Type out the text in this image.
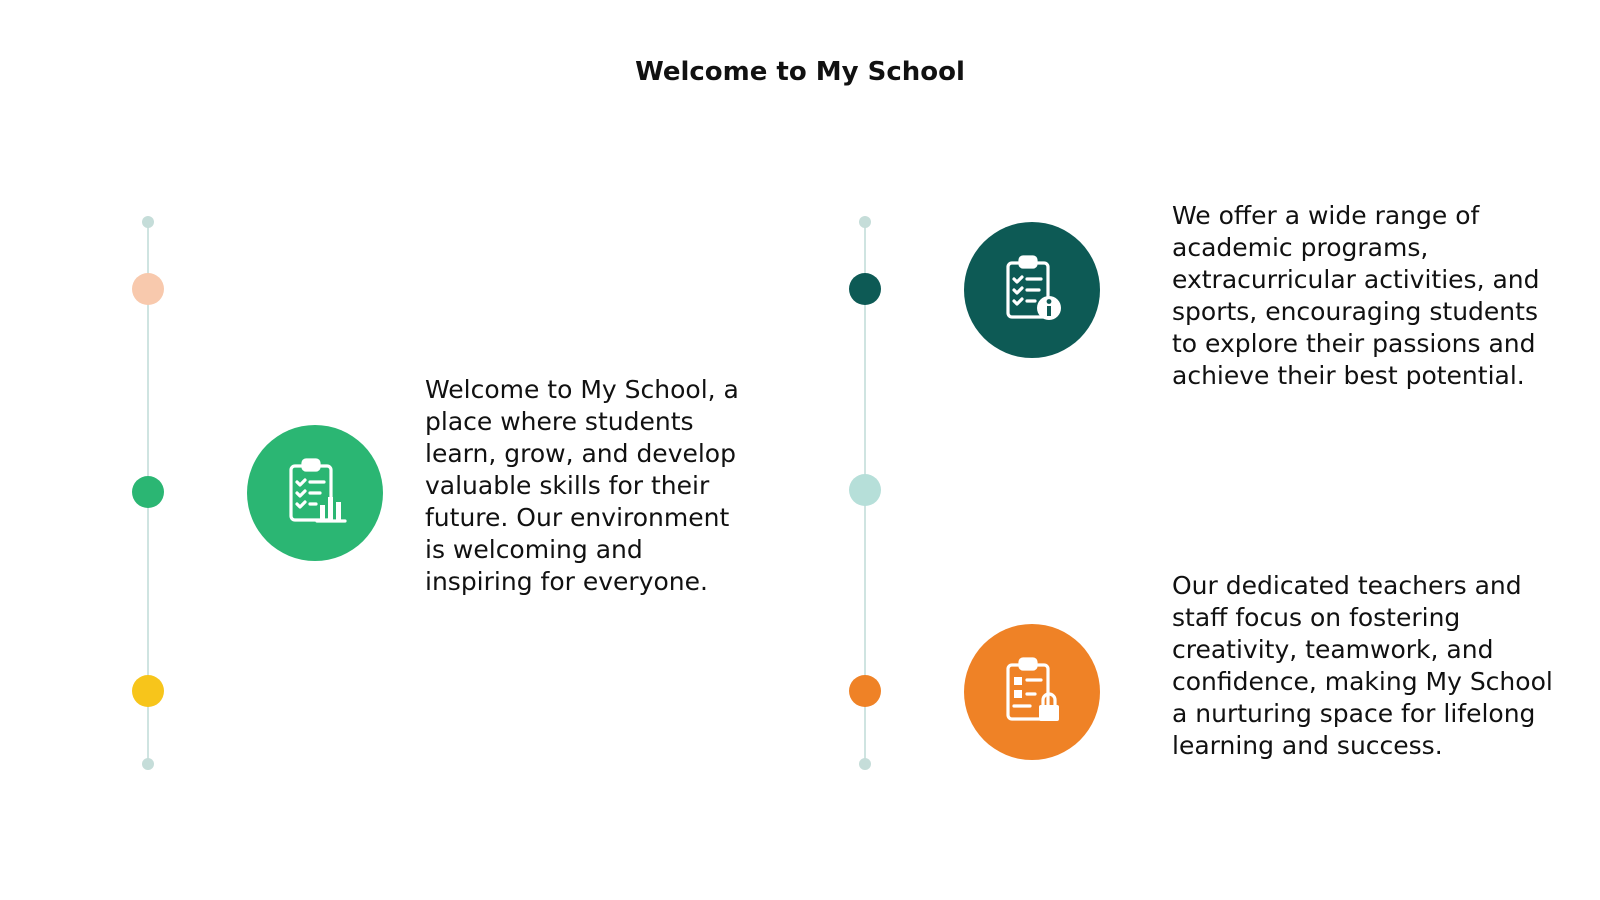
Welcome to My School

Welcome to My School, a place where students learn, grow, and develop valuable skills for their future. Our environment is welcoming and inspiring for everyone.

We offer a wide range of academic programs, extracurricular activities, and sports, encouraging students to explore their passions and achieve their best potential.

Our dedicated teachers and staff focus on fostering creativity, teamwork, and confidence, making My School a nurturing space for lifelong learning and success.
